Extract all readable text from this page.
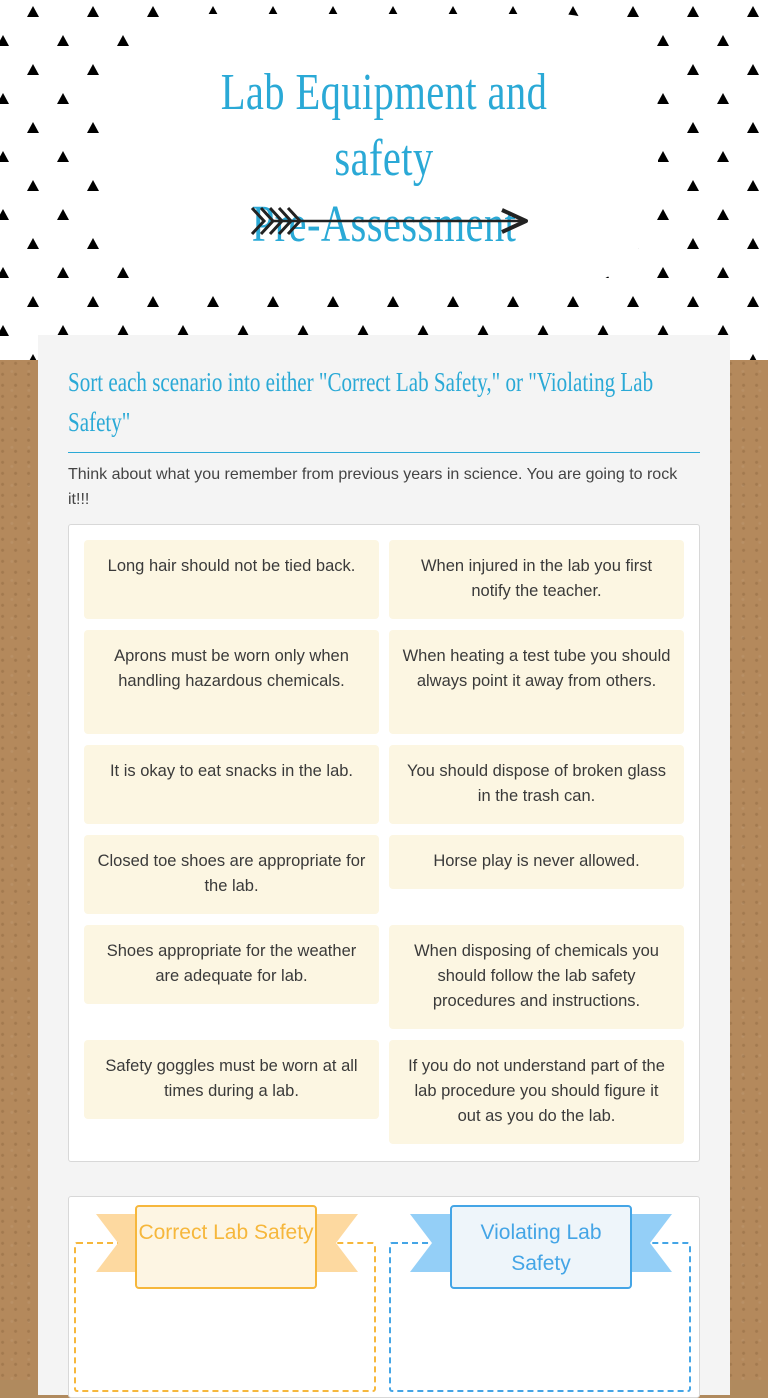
Lab Equipment and safety
Pre-Assessment
Sort each scenario into either "Correct Lab Safety," or "Violating Lab Safety"
Think about what you remember from previous years in science. You are going to rock it!!!
Long hair should not be tied back.
Aprons must be worn only when handling hazardous chemicals.
It is okay to eat snacks in the lab.
Closed toe shoes are appropriate for the lab.
Shoes appropriate for the weather are adequate for lab.
Safety goggles must be worn at all times during a lab.
When injured in the lab you first notify the teacher.
When heating a test tube you should always point it away from others.
You should dispose of broken glass in the trash can.
Horse play is never allowed.
When disposing of chemicals you should follow the lab safety procedures and instructions.
If you do not understand part of the lab procedure you should figure it out as you do the lab.
Correct Lab Safety	Violating Lab Safety
